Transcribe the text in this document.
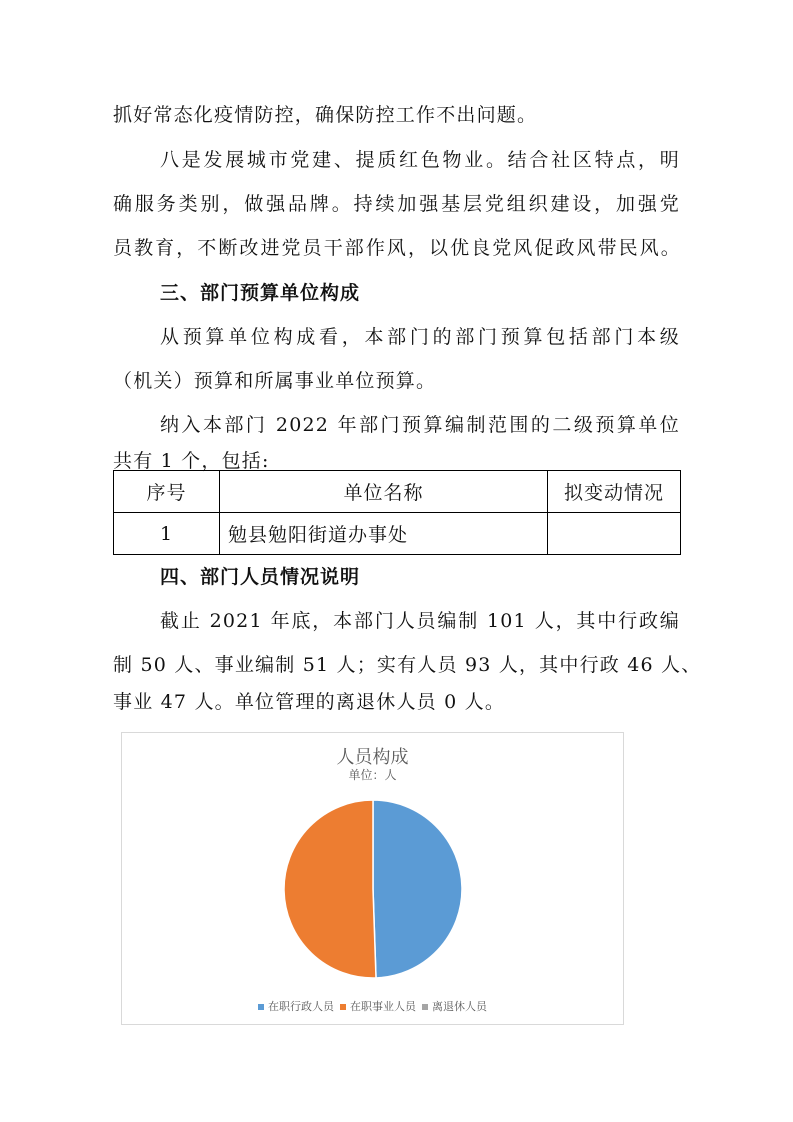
抓好常态化疫情防控，确保防控工作不出问题。
八是发展城市党建、提质红色物业。结合社区特点，明
确服务类别，做强品牌。持续加强基层党组织建设，加强党
员教育，不断改进党员干部作风，以优良党风促政风带民风。
三、部门预算单位构成
从预算单位构成看，本部门的部门预算包括部门本级
（机关）预算和所属事业单位预算。
纳入本部门 2022 年部门预算编制范围的二级预算单位
共有 1 个，包括:
序号	单位名称	拟变动情况
1	勉县勉阳街道办事处	
四、部门人员情况说明
截止 2021 年底，本部门人员编制 101 人，其中行政编
制 50 人、事业编制 51 人；实有人员 93 人，其中行政 46 人、
事业 47 人。单位管理的离退休人员 0 人。
人员构成
单位：人
在职行政人员 在职事业人员 离退休人员
